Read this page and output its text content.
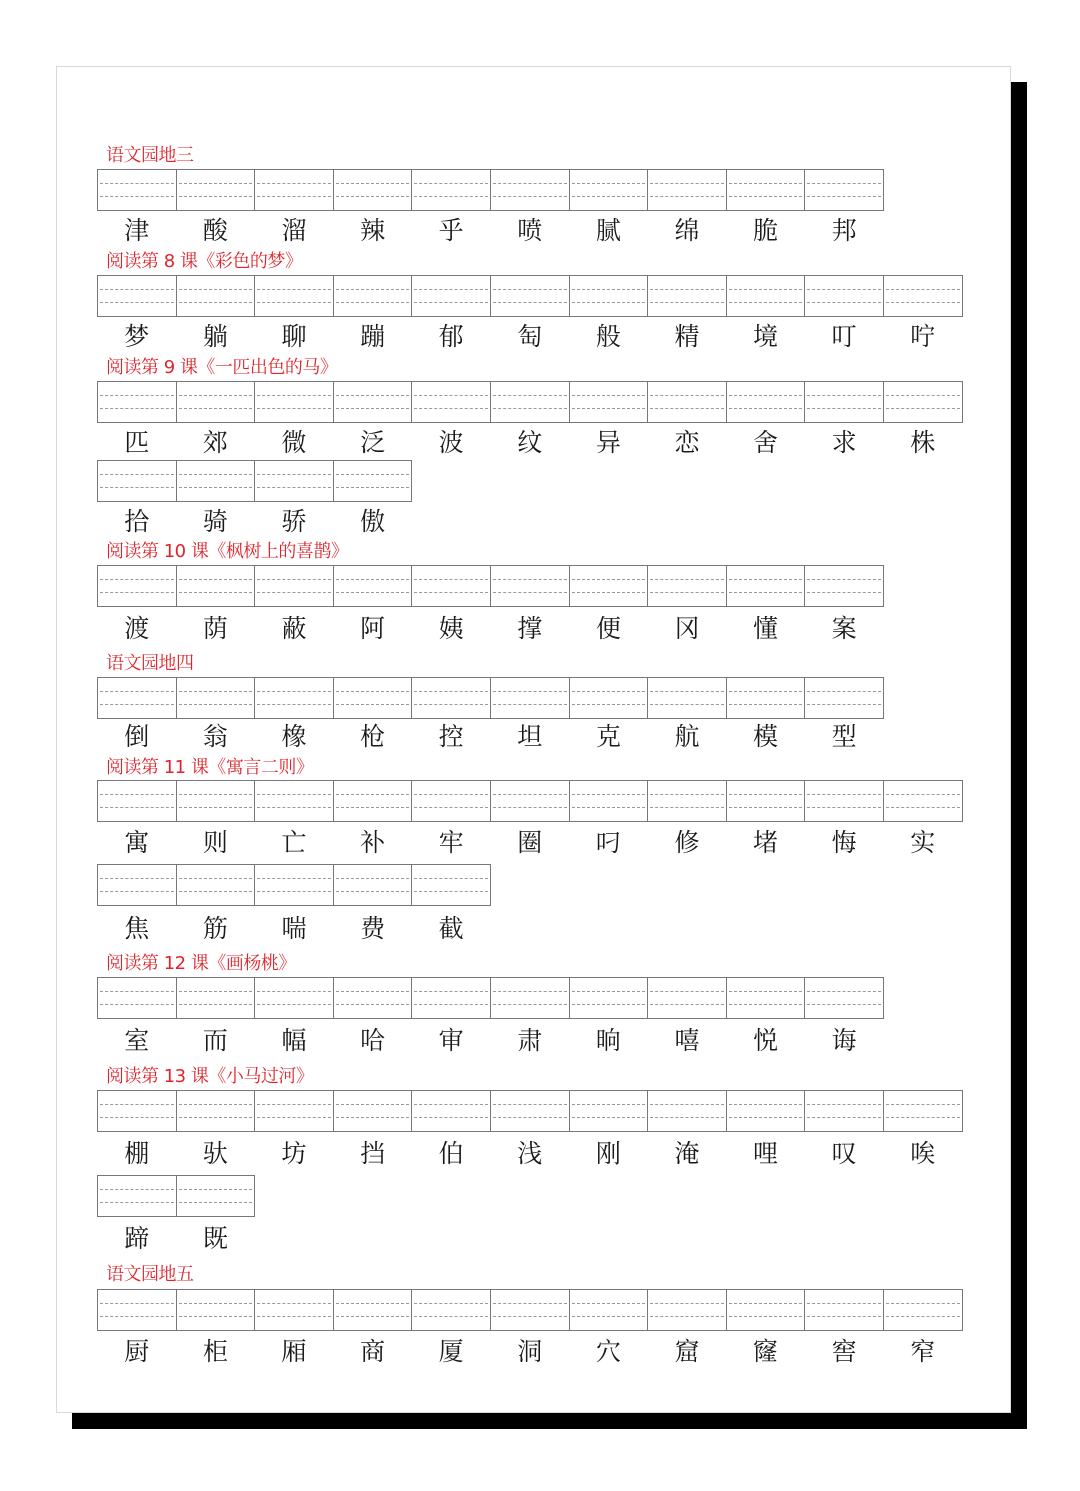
语文园地三
津	酸	溜	辣	乎	喷	腻	绵	脆	邦
阅读第 8 课《彩色的梦》
梦	躺	聊	蹦	郁	匋	般	精	境	叮	咛
阅读第 9 课《一匹出色的马》
匹	郊	微	泛	波	纹	异	恋	舍	求	株
拾	骑	骄	傲
阅读第 10 课《枫树上的喜鹊》
渡	荫	蔽	阿	姨	撑	便	冈	懂	案
语文园地四
倒	翁	橡	枪	控	坦	克	航	模	型
阅读第 11 课《寓言二则》
寓	则	亡	补	牢	圈	叼	修	堵	悔	实
焦	筋	喘	费	截
阅读第 12 课《画杨桃》
室	而	幅	哈	审	肃	晌	嘻	悦	诲
阅读第 13 课《小马过河》
棚	驮	坊	挡	伯	浅	刚	淹	哩	叹	唉
蹄	既
语文园地五
厨	柜	厢	商	厦	洞	穴	窟	窿	窖	窄
